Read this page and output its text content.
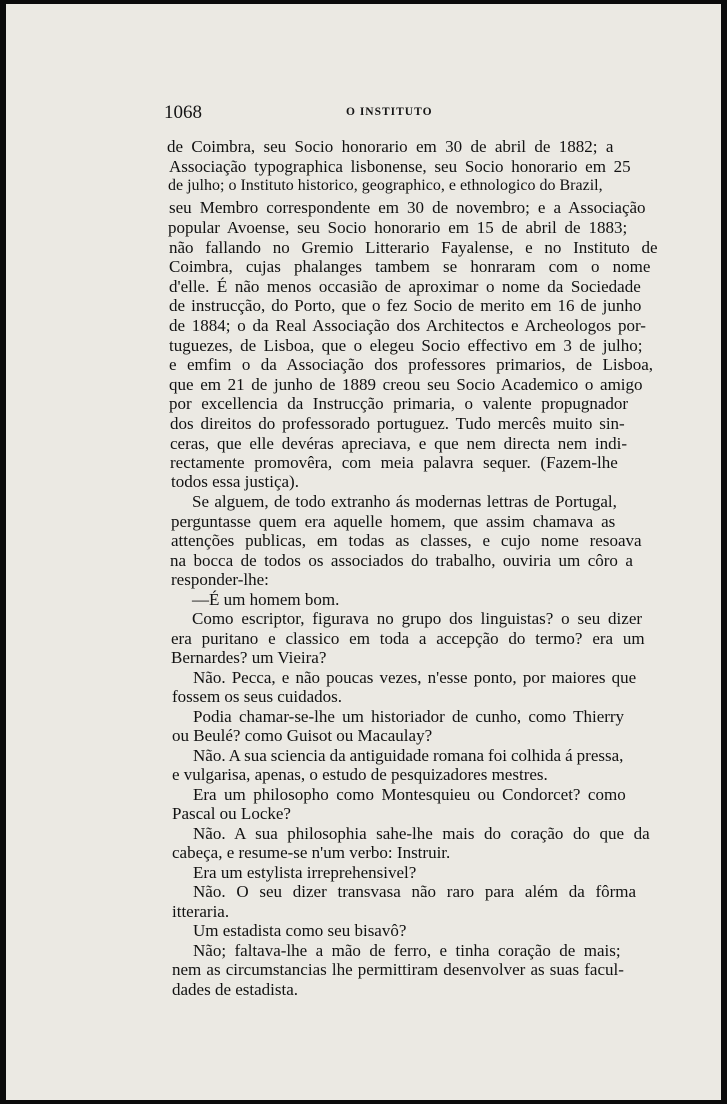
1068	O INSTITUTO
de Coimbra, seu Socio honorario em 30 de abril de 1882; a
Associação typographica lisbonense, seu Socio honorario em 25
de julho; o Instituto historico, geographico, e ethnologico do Brazil,
seu Membro correspondente em 30 de novembro; e a Associação
popular Avoense, seu Socio honorario em 15 de abril de 1883;
não fallando no Gremio Litterario Fayalense, e no Instituto de
Coimbra, cujas phalanges tambem se honraram com o nome
d'elle. É não menos occasião de aproximar o nome da Sociedade
de instrucção, do Porto, que o fez Socio de merito em 16 de junho
de 1884; o da Real Associação dos Architectos e Archeologos por-
tuguezes, de Lisboa, que o elegeu Socio effectivo em 3 de julho;
e emfim o da Associação dos professores primarios, de Lisboa,
que em 21 de junho de 1889 creou seu Socio Academico o amigo
por excellencia da Instrucção primaria, o valente propugnador
dos direitos do professorado portuguez. Tudo mercês muito sin-
ceras, que elle devéras apreciava, e que nem directa nem indi-
rectamente promovêra, com meia palavra sequer. (Fazem-lhe
todos essa justiça).
Se alguem, de todo extranho ás modernas lettras de Portugal,
perguntasse quem era aquelle homem, que assim chamava as
attenções publicas, em todas as classes, e cujo nome resoava
na bocca de todos os associados do trabalho, ouviria um côro a
responder-lhe:
—É um homem bom.
Como escriptor, figurava no grupo dos linguistas? o seu dizer
era puritano e classico em toda a accepção do termo? era um
Bernardes? um Vieira?
Não. Pecca, e não poucas vezes, n'esse ponto, por maiores que
fossem os seus cuidados.
Podia chamar-se-lhe um historiador de cunho, como Thierry
ou Beulé? como Guisot ou Macaulay?
Não. A sua sciencia da antiguidade romana foi colhida á pressa,
e vulgarisa, apenas, o estudo de pesquizadores mestres.
Era um philosopho como Montesquieu ou Condorcet? como
Pascal ou Locke?
Não. A sua philosophia sahe-lhe mais do coração do que da
cabeça, e resume-se n'um verbo: Instruir.
Era um estylista irreprehensivel?
Não. O seu dizer transvasa não raro para além da fôrma
itteraria.
Um estadista como seu bisavô?
Não; faltava-lhe a mão de ferro, e tinha coração de mais;
nem as circumstancias lhe permittiram desenvolver as suas facul-
dades de estadista.
